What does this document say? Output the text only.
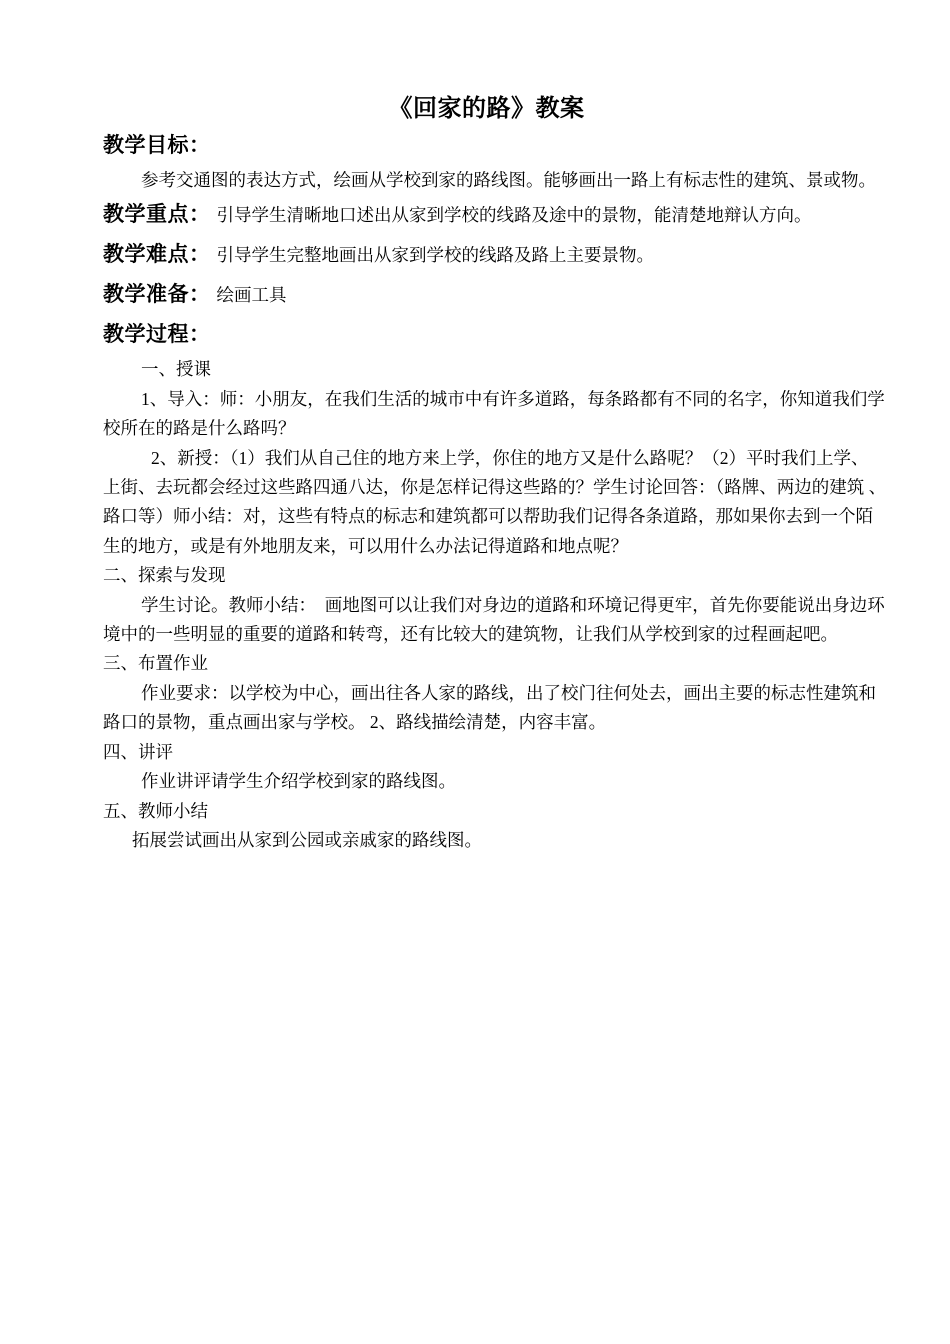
《回家的路》教案
教学目标：
参考交通图的表达方式，绘画从学校到家的路线图。能够画出一路上有标志性的建筑、景或物。
教学重点： 引导学生清晰地口述出从家到学校的线路及途中的景物，能清楚地辩认方向。
教学难点： 引导学生完整地画出从家到学校的线路及路上主要景物。
教学准备： 绘画工具
教学过程：
一、授课
1、导入：师：小朋友，在我们生活的城市中有许多道路，每条路都有不同的名字，你知道我们学
校所在的路是什么路吗？
2、新授：（1）我们从自己住的地方来上学，你住的地方又是什么路呢？（2）平时我们上学、
上街、去玩都会经过这些路四通八达，你是怎样记得这些路的？学生讨论回答：（路牌、两边的建筑 、
路口等）师小结：对，这些有特点的标志和建筑都可以帮助我们记得各条道路，那如果你去到一个陌
生的地方，或是有外地朋友来，可以用什么办法记得道路和地点呢？
二、探索与发现
学生讨论。教师小结：　画地图可以让我们对身边的道路和环境记得更牢，首先你要能说出身边环
境中的一些明显的重要的道路和转弯，还有比较大的建筑物，让我们从学校到家的过程画起吧。
三、布置作业
作业要求：以学校为中心，画出往各人家的路线，出了校门往何处去，画出主要的标志性建筑和
路口的景物，重点画出家与学校。 2、路线描绘清楚，内容丰富。
四、讲评
作业讲评请学生介绍学校到家的路线图。
五、教师小结
拓展尝试画出从家到公园或亲戚家的路线图。
